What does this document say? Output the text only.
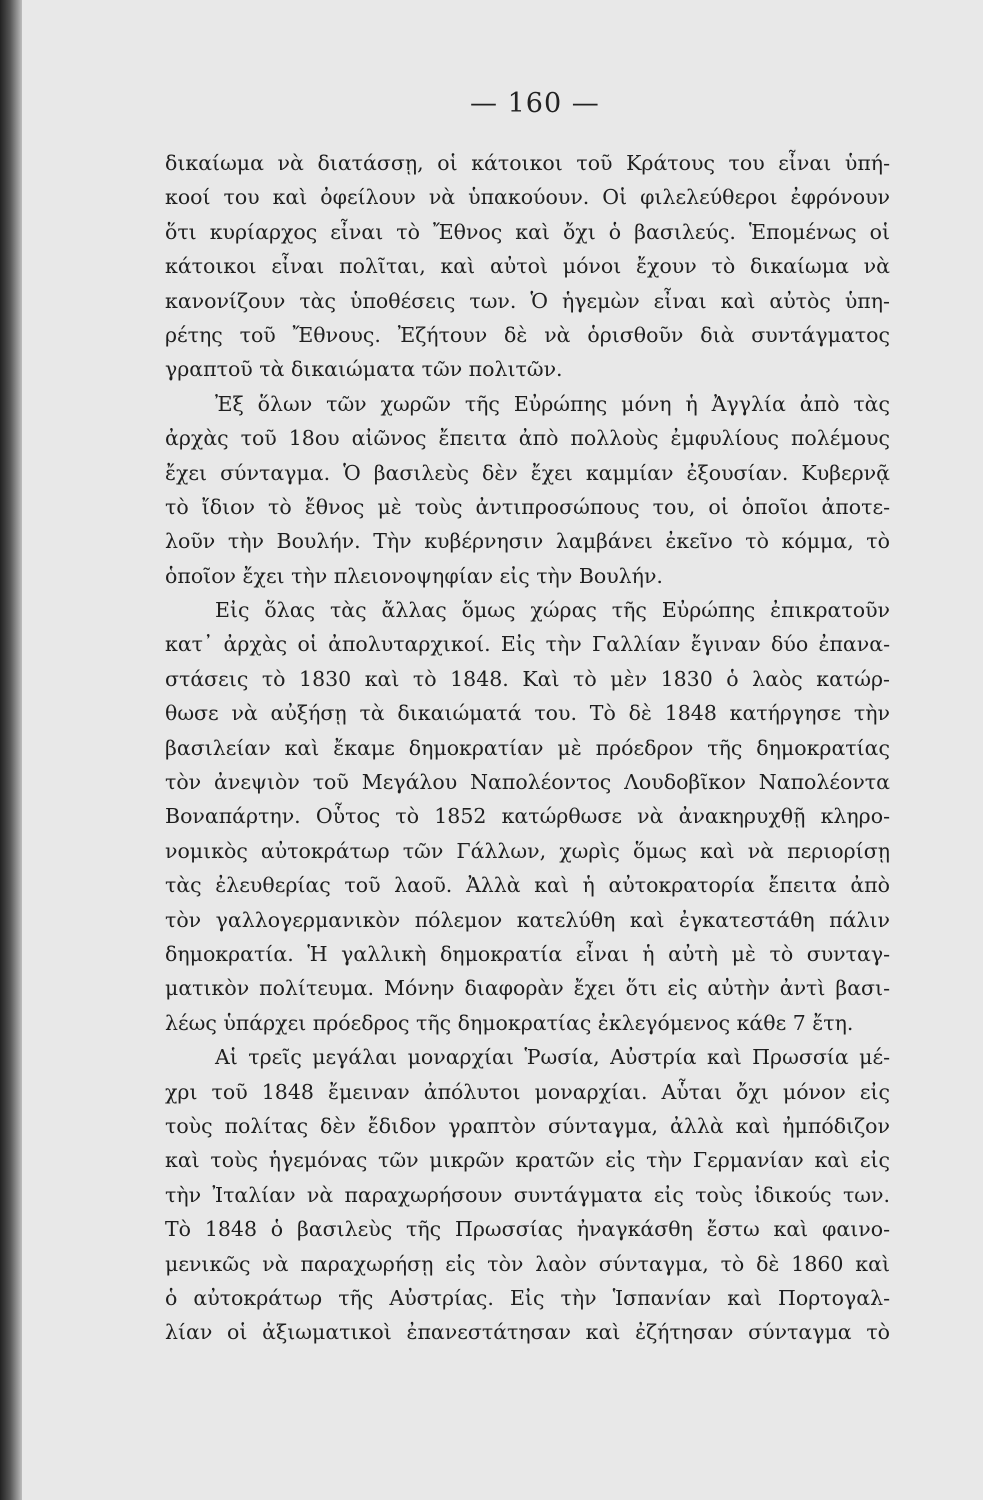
— 160 —
δικαίωμα νὰ διατάσσῃ, οἱ κάτοικοι τοῦ Κράτους του εἶναι ὑπή-
κοοί του καὶ ὀφείλουν νὰ ὑπακούουν. Οἱ φιλελεύθεροι ἐφρόνουν
ὅτι κυρίαρχος εἶναι τὸ Ἔθνος καὶ ὄχι ὁ βασιλεύς. Ἑπομένως οἱ
κάτοικοι εἶναι πολῖται, καὶ αὐτοὶ μόνοι ἔχουν τὸ δικαίωμα νὰ
κανονίζουν τὰς ὑποθέσεις των. Ὁ ἡγεμὼν εἶναι καὶ αὐτὸς ὑπη-
ρέτης τοῦ Ἔθνους. Ἐζήτουν δὲ νὰ ὁρισθοῦν διὰ συντάγματος
γραπτοῦ τὰ δικαιώματα τῶν πολιτῶν.
Ἐξ ὅλων τῶν χωρῶν τῆς Εὐρώπης μόνη ἡ Ἀγγλία ἀπὸ τὰς
ἀρχὰς τοῦ 18ου αἰῶνος ἔπειτα ἀπὸ πολλοὺς ἐμφυλίους πολέμους
ἔχει σύνταγμα. Ὁ βασιλεὺς δὲν ἔχει καμμίαν ἐξουσίαν. Κυβερνᾷ
τὸ ἴδιον τὸ ἔθνος μὲ τοὺς ἀντιπροσώπους του, οἱ ὁποῖοι ἀποτε-
λοῦν τὴν Βουλήν. Τὴν κυβέρνησιν λαμβάνει ἐκεῖνο τὸ κόμμα, τὸ
ὁποῖον ἔχει τὴν πλειονοψηφίαν εἰς τὴν Βουλήν.
Εἰς ὅλας τὰς ἄλλας ὅμως χώρας τῆς Εὐρώπης ἐπικρατοῦν
κατ᾽ ἀρχὰς οἱ ἀπολυταρχικοί. Εἰς τὴν Γαλλίαν ἔγιναν δύο ἐπανα-
στάσεις τὸ 1830 καὶ τὸ 1848. Καὶ τὸ μὲν 1830 ὁ λαὸς κατώρ-
θωσε νὰ αὐξήσῃ τὰ δικαιώματά του. Τὸ δὲ 1848 κατήργησε τὴν
βασιλείαν καὶ ἔκαμε δημοκρατίαν μὲ πρόεδρον τῆς δημοκρατίας
τὸν ἀνεψιὸν τοῦ Μεγάλου Ναπολέοντος Λουδοβῖκον Ναπολέοντα
Βοναπάρτην. Οὗτος τὸ 1852 κατώρθωσε νὰ ἀνακηρυχθῇ κληρο-
νομικὸς αὐτοκράτωρ τῶν Γάλλων, χωρὶς ὅμως καὶ νὰ περιορίσῃ
τὰς ἐλευθερίας τοῦ λαοῦ. Ἀλλὰ καὶ ἡ αὐτοκρατορία ἔπειτα ἀπὸ
τὸν γαλλογερμανικὸν πόλεμον κατελύθη καὶ ἐγκατεστάθη πάλιν
δημοκρατία. Ἡ γαλλικὴ δημοκρατία εἶναι ἡ αὐτὴ μὲ τὸ συνταγ-
ματικὸν πολίτευμα. Μόνην διαφορὰν ἔχει ὅτι εἰς αὐτὴν ἀντὶ βασι-
λέως ὑπάρχει πρόεδρος τῆς δημοκρατίας ἐκλεγόμενος κάθε 7 ἔτη.
Αἱ τρεῖς μεγάλαι μοναρχίαι Ῥωσία, Αὐστρία καὶ Πρωσσία μέ-
χρι τοῦ 1848 ἔμειναν ἀπόλυτοι μοναρχίαι. Αὗται ὄχι μόνον εἰς
τοὺς πολίτας δὲν ἔδιδον γραπτὸν σύνταγμα, ἀλλὰ καὶ ἠμπόδιζον
καὶ τοὺς ἡγεμόνας τῶν μικρῶν κρατῶν εἰς τὴν Γερμανίαν καὶ εἰς
τὴν Ἰταλίαν νὰ παραχωρήσουν συντάγματα εἰς τοὺς ἰδικούς των.
Τὸ 1848 ὁ βασιλεὺς τῆς Πρωσσίας ἠναγκάσθη ἔστω καὶ φαινο-
μενικῶς νὰ παραχωρήσῃ εἰς τὸν λαὸν σύνταγμα, τὸ δὲ 1860 καὶ
ὁ αὐτοκράτωρ τῆς Αὐστρίας. Εἰς τὴν Ἱσπανίαν καὶ Πορτογαλ-
λίαν οἱ ἀξιωματικοὶ ἐπανεστάτησαν καὶ ἐζήτησαν σύνταγμα τὸ
